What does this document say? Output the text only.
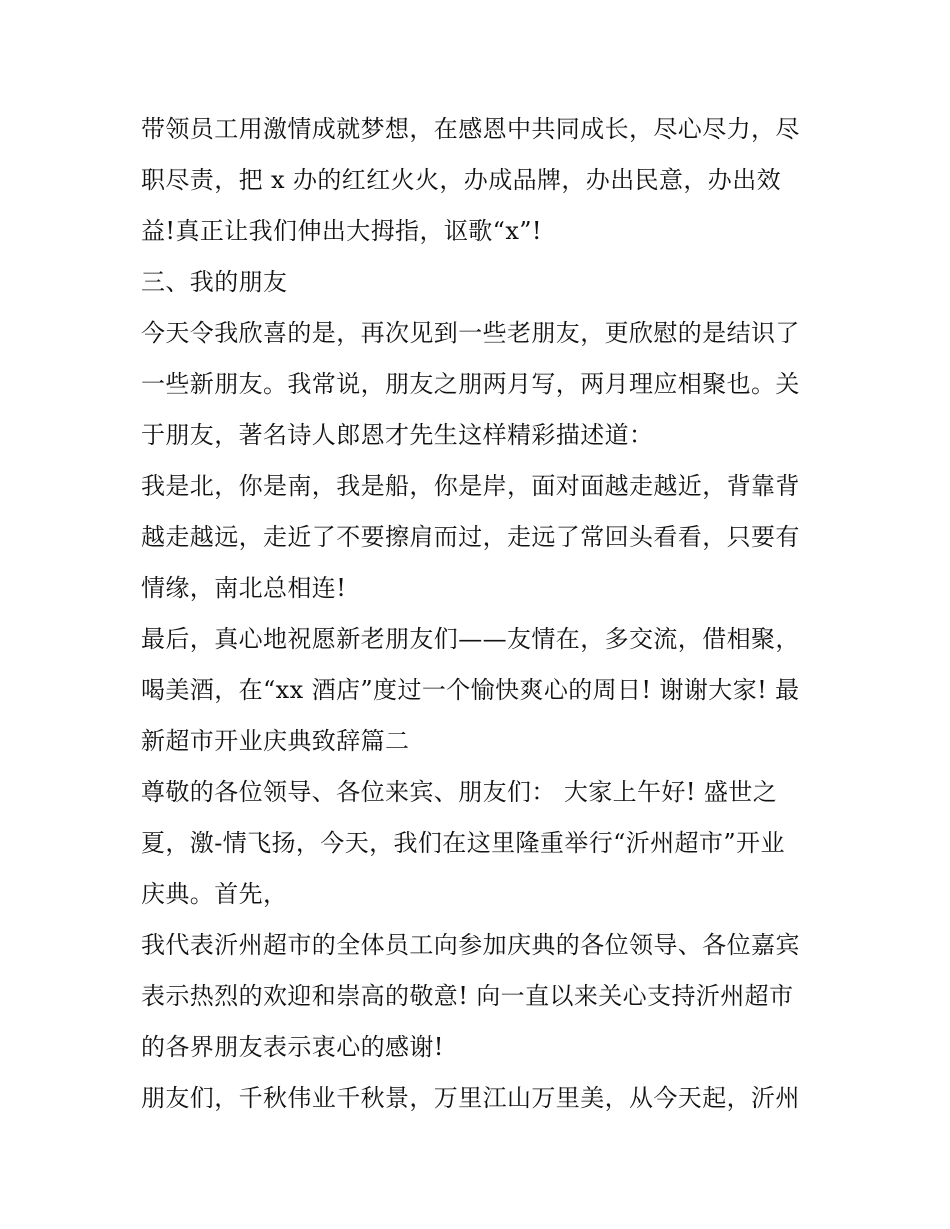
带领员工用激情成就梦想，在感恩中共同成长，尽心尽力，尽

职尽责，把 x 办的红红火火，办成品牌，办出民意，办出效

益!真正让我们伸出大拇指，讴歌“x”!

三、我的朋友

今天令我欣喜的是，再次见到一些老朋友，更欣慰的是结识了

一些新朋友。我常说，朋友之朋两月写，两月理应相聚也。关

于朋友，著名诗人郎恩才先生这样精彩描述道：

我是北，你是南，我是船，你是岸，面对面越走越近，背靠背

越走越远，走近了不要擦肩而过，走远了常回头看看，只要有

情缘，南北总相连!

最后，真心地祝愿新老朋友们——友情在，多交流，借相聚，

喝美酒，在“xx 酒店”度过一个愉快爽心的周日! 谢谢大家! 最

新超市开业庆典致辞篇二

尊敬的各位领导、各位来宾、朋友们： 大家上午好! 盛世之

夏，激-情飞扬，今天，我们在这里隆重举行“沂州超市”开业

庆典。首先，

我代表沂州超市的全体员工向参加庆典的各位领导、各位嘉宾

表示热烈的欢迎和崇高的敬意! 向一直以来关心支持沂州超市

的各界朋友表示衷心的感谢!

朋友们，千秋伟业千秋景，万里江山万里美，从今天起，沂州
